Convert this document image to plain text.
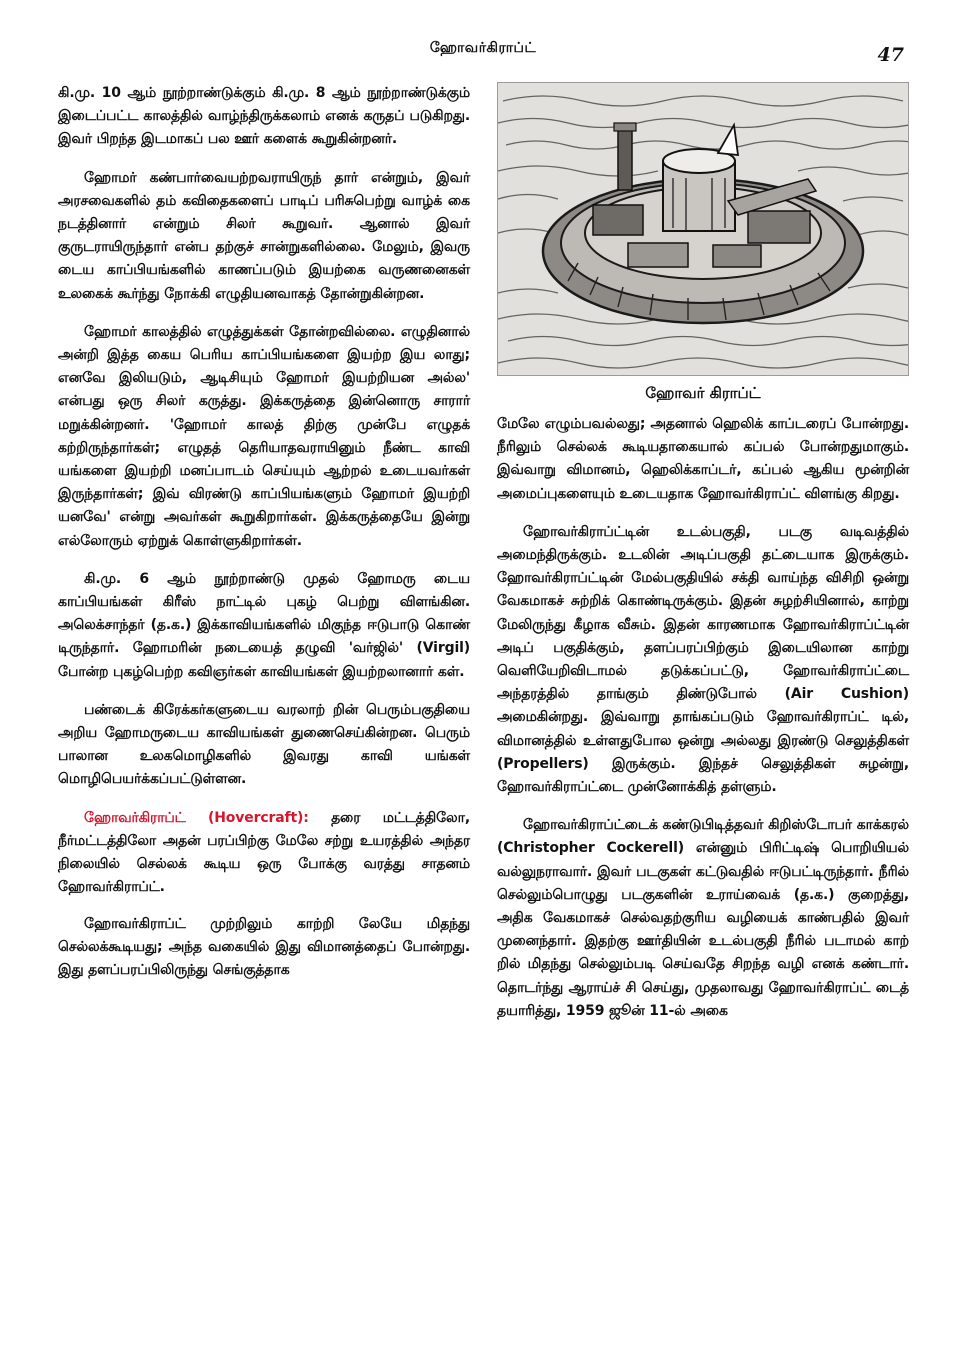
ஹோவர்கிராப்ட்	47

கி.மு. 10 ஆம் நூற்றாண்டுக்கும் கி.மு. 8 ஆம் நூற்றாண்டுக்கும் இடைப்பட்ட காலத்தில் வாழ்ந்திருக்கலாம் எனக் கருதப் படுகிறது. இவர் பிறந்த இடமாகப் பல ஊர் களைக் கூறுகின்றனர்.

ஹோமர் கண்பார்வையற்றவராயிருந் தார் என்றும், இவர் அரசவைகளில் தம் கவிதைகளைப் பாடிப் பரிசுபெற்று வாழ்க் கை நடத்தினார் என்றும் சிலர் கூறுவர். ஆனால் இவர் குருடராயிருந்தார் என்ப தற்குச் சான்றுகளில்லை. மேலும், இவரு டைய காப்பியங்களில் காணப்படும் இயற்கை வருணனைகள் உலகைக் கூர்ந்து நோக்கி எழுதியனவாகத் தோன்றுகின்றன.

ஹோமர் காலத்தில் எழுத்துக்கள் தோன்றவில்லை. எழுதினால் அன்றி இத்த கைய பெரிய காப்பியங்களை இயற்ற இய லாது; எனவே இலியடும், ஆடிசியும் ஹோமர் இயற்றியன அல்ல' என்பது ஒரு சிலர் கருத்து. இக்கருத்தை இன்னொரு சாரார் மறுக்கின்றனர். 'ஹோமர் காலத் திற்கு முன்பே எழுதக் கற்றிருந்தார்கள்; எழுதத் தெரியாதவராயினும் நீண்ட காவி யங்களை இயற்றி மனப்பாடம் செய்யும் ஆற்றல் உடையவர்கள் இருந்தார்கள்; இவ் விரண்டு காப்பியங்களும் ஹோமர் இயற்றி யனவே' என்று அவர்கள் கூறுகிறார்கள். இக்கருத்தையே இன்று எல்லோரும் ஏற்றுக் கொள்ளுகிறார்கள்.

கி.மு. 6 ஆம் நூற்றாண்டு முதல் ஹோமரு டைய காப்பியங்கள் கிரீஸ் நாட்டில் புகழ் பெற்று விளங்கின. அலெக்சாந்தர் (த.க.) இக்காவியங்களில் மிகுந்த ஈடுபாடு கொண் டிருந்தார். ஹோமரின் நடையைத் தழுவி 'வர்ஜில்' (Virgil) போன்ற புகழ்பெற்ற கவிஞர்கள் காவியங்கள் இயற்றலானார் கள்.

பண்டைக் கிரேக்கர்களுடைய வரலாற் றின் பெரும்பகுதியை அறிய ஹோமருடைய காவியங்கள் துணைசெய்கின்றன. பெரும் பாலான உலகமொழிகளில் இவரது காவி யங்கள் மொழிபெயர்க்கப்பட்டுள்ளன.

ஹோவர்கிராப்ட் (Hovercraft): தரை மட்டத்திலோ, நீர்மட்டத்திலோ அதன் பரப்பிற்கு மேலே சற்று உயரத்தில் அந்தர நிலையில் செல்லக் கூடிய ஒரு போக்கு வரத்து சாதனம் ஹோவர்கிராப்ட்.

ஹோவர்கிராப்ட் முற்றிலும் காற்றி லேயே மிதந்து செல்லக்கூடியது; அந்த வகையில் இது விமானத்தைப் போன்றது. இது தளப்பரப்பிலிருந்து செங்குத்தாக

ஹோவர் கிராப்ட்

மேலே எழும்பவல்லது; அதனால் ஹெலிக் காப்டரைப் போன்றது. நீரிலும் செல்லக் கூடியதாகையால் கப்பல் போன்றதுமாகும். இவ்வாறு விமானம், ஹெலிக்காப்டர், கப்பல் ஆகிய மூன்றின் அமைப்புகளையும் உடையதாக ஹோவர்கிராப்ட் விளங்கு கிறது.

ஹோவர்கிராப்ட்டின் உடல்பகுதி, படகு வடிவத்தில் அமைந்திருக்கும். உடலின் அடிப்பகுதி தட்டையாக இருக்கும். ஹோவர்கிராப்ட்டின் மேல்பகுதியில் சக்தி வாய்ந்த விசிறி ஒன்று வேகமாகச் சுற்றிக் கொண்டிருக்கும். இதன் சுழற்சியினால், காற்று மேலிருந்து கீழாக வீசும். இதன் காரணமாக ஹோவர்கிராப்ட்டின் அடிப் பகுதிக்கும், தளப்பரப்பிற்கும் இடையிலான காற்று வெளியேறிவிடாமல் தடுக்கப்பட்டு, ஹோவர்கிராப்ட்டை அந்தரத்தில் தாங்கும் திண்டுபோல் (Air Cushion) அமைகின்றது. இவ்வாறு தாங்கப்படும் ஹோவர்கிராப்ட் டில், விமானத்தில் உள்ளதுபோல ஒன்று அல்லது இரண்டு செலுத்திகள் (Propellers) இருக்கும். இந்தச் செலுத்திகள் சுழன்று, ஹோவர்கிராப்ட்டை முன்னோக்கித் தள்ளும்.

ஹோவர்கிராப்ட்டைக் கண்டுபிடித்தவர் கிறிஸ்டோபர் காக்கரல் (Christopher Cockerell) என்னும் பிரிட்டிஷ் பொறியியல் வல்லுநராவார். இவர் படகுகள் கட்டுவதில் ஈடுபட்டிருந்தார். நீரில் செல்லும்பொழுது படகுகளின் உராய்வைக் (த.க.) குறைத்து, அதிக வேகமாகச் செல்வதற்குரிய வழியைக் காண்பதில் இவர் முனைந்தார். இதற்கு ஊர்தியின் உடல்பகுதி நீரில் படாமல் காற் றில் மிதந்து செல்லும்படி செய்வதே சிறந்த வழி எனக் கண்டார். தொடர்ந்து ஆராய்ச் சி செய்து, முதலாவது ஹோவர்கிராப்ட் டைத் தயாரித்து, 1959 ஜூன் 11-ல் அகை
